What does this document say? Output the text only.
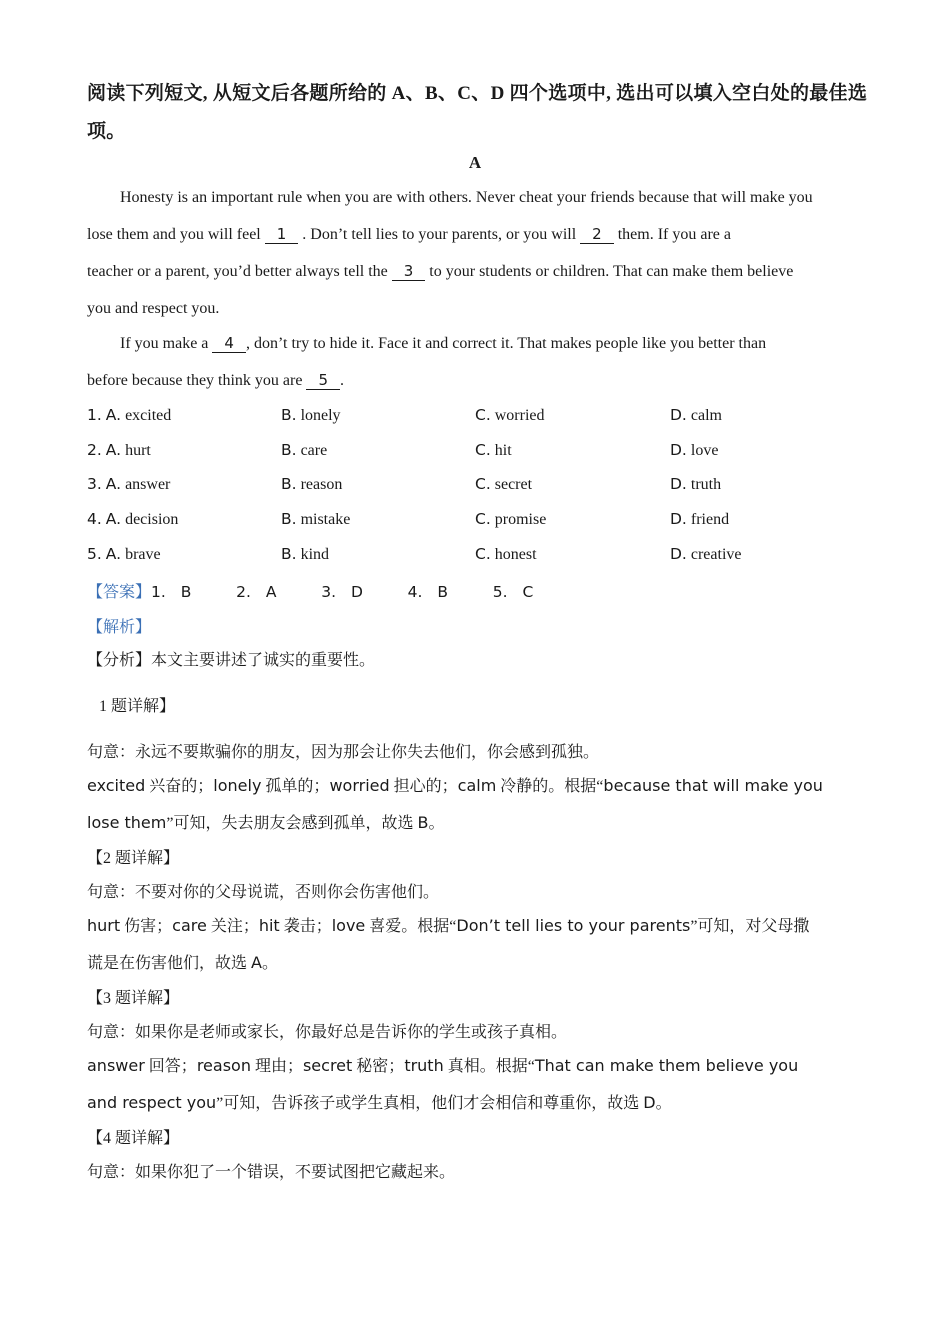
阅读下列短文, 从短文后各题所给的 A、B、C、D 四个选项中, 选出可以填入空白处的最佳选
项。
A
Honesty is an important rule when you are with others. Never cheat your friends because that will make you
lose them and you will feel 1 . Don’t tell lies to your parents, or you will 2 them. If you are a
teacher or a parent, you’d better always tell the 3 to your students or children. That can make them believe
you and respect you.
If you make a 4 , don’t try to hide it. Face it and correct it. That makes people like you better than
before because they think you are 5 .
1. A. excited	B. lonely	C. worried	D. calm
2. A. hurt	B. care	C. hit	D. love
3. A. answer	B. reason	C. secret	D. truth
4. A. decision	B. mistake	C. promise	D. friend
5. A. brave	B. kind	C. honest	D. creative
【答案】1. B   2. A   3. D   4. B   5. C
【解析】
【分析】本文主要讲述了诚实的重要性。
1 题详解】
句意：永远不要欺骗你的朋友，因为那会让你失去他们，你会感到孤独。
excited 兴奋的；lonely 孤单的；worried 担心的；calm 冷静的。根据“because that will make you
lose them”可知，失去朋友会感到孤单，故选 B。
【2 题详解】
句意：不要对你的父母说谎，否则你会伤害他们。
hurt 伤害；care 关注；hit 袭击；love 喜爱。根据“Don’t tell lies to your parents”可知，对父母撒
谎是在伤害他们，故选 A。
【3 题详解】
句意：如果你是老师或家长，你最好总是告诉你的学生或孩子真相。
answer 回答；reason 理由；secret 秘密；truth 真相。根据“That can make them believe you
and respect you”可知，告诉孩子或学生真相，他们才会相信和尊重你，故选 D。
【4 题详解】
句意：如果你犯了一个错误，不要试图把它藏起来。
